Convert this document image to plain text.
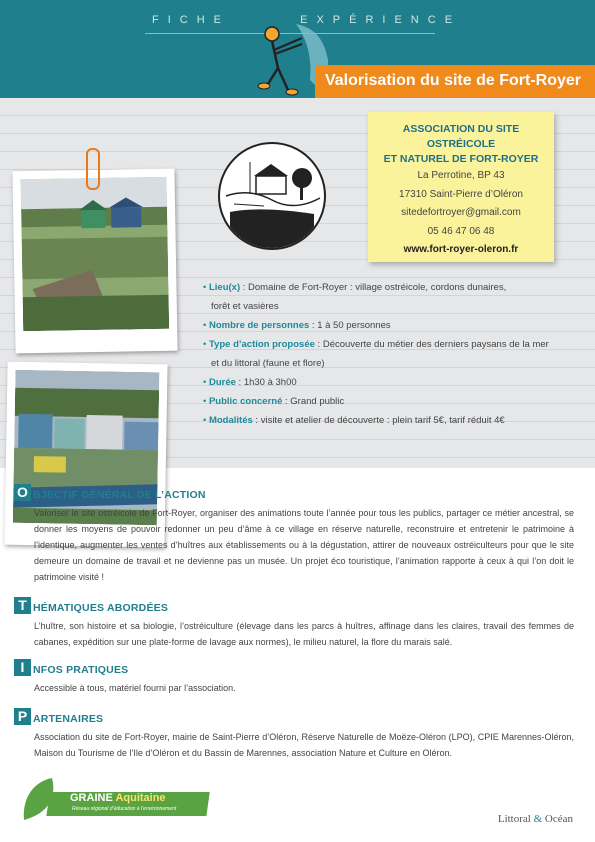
FICHE	EXPÉRIENCE
Valorisation du site de Fort-Royer
ASSOCIATION DU SITE OSTRÉICOLE
ET NATUREL DE FORT-ROYER
La Perrotine, BP 43
17310 Saint-Pierre d’Oléron
sitedefortroyer@gmail.com
05 46 47 06 48
www.fort-royer-oleron.fr
• Lieu(x) : Domaine de Fort-Royer : village ostréicole, cordons dunaires,
forêt et vasières
• Nombre de personnes : 1 à 50 personnes
• Type d’action proposée : Découverte du métier des derniers paysans de la mer
et du littoral (faune et flore)
• Durée : 1h30 à 3h00
• Public concerné : Grand public
• Modalités : visite et atelier de découverte : plein tarif 5€, tarif réduit 4€
O BJECTIF GÉNÉRAL DE L’ACTION
Valoriser le site ostréicole de Fort-Royer, organiser des animations toute l’année pour tous les publics, partager ce métier ancestral, se donner les moyens de pouvoir redonner un peu d’âme à ce village en réserve naturelle, reconstruire et entretenir le patrimoine à l’identique, augmenter les ventes d’huîtres aux établissements ou à la dégustation, attirer de nouveaux ostréiculteurs pour que le site demeure un domaine de travail et ne devienne pas un musée. Un projet éco touristique, l’animation rapporte à ceux à qui l’on doit le patrimoine visité !
T HÉMATIQUES ABORDÉES
L’huître, son histoire et sa biologie, l’ostréiculture (élevage dans les parcs à huîtres, affinage dans les claires, travail des femmes de cabanes, expédition sur une plate-forme de lavage aux normes), le milieu naturel, la flore du marais salé.
I NFOS PRATIQUES
Accessible à tous, matériel fourni par l’association.
P ARTENAIRES
Association du site de Fort-Royer, mairie de Saint-Pierre d’Oléron, Réserve Naturelle de Moëze-Oléron (LPO), CPIE Marennes-Oléron, Maison du Tourisme de l’Ile d’Oléron et du Bassin de Marennes, association Nature et Culture en Oléron.
GRAINE Aquitaine
Réseau régional d’éducation à l’environnement
Littoral & Océan
